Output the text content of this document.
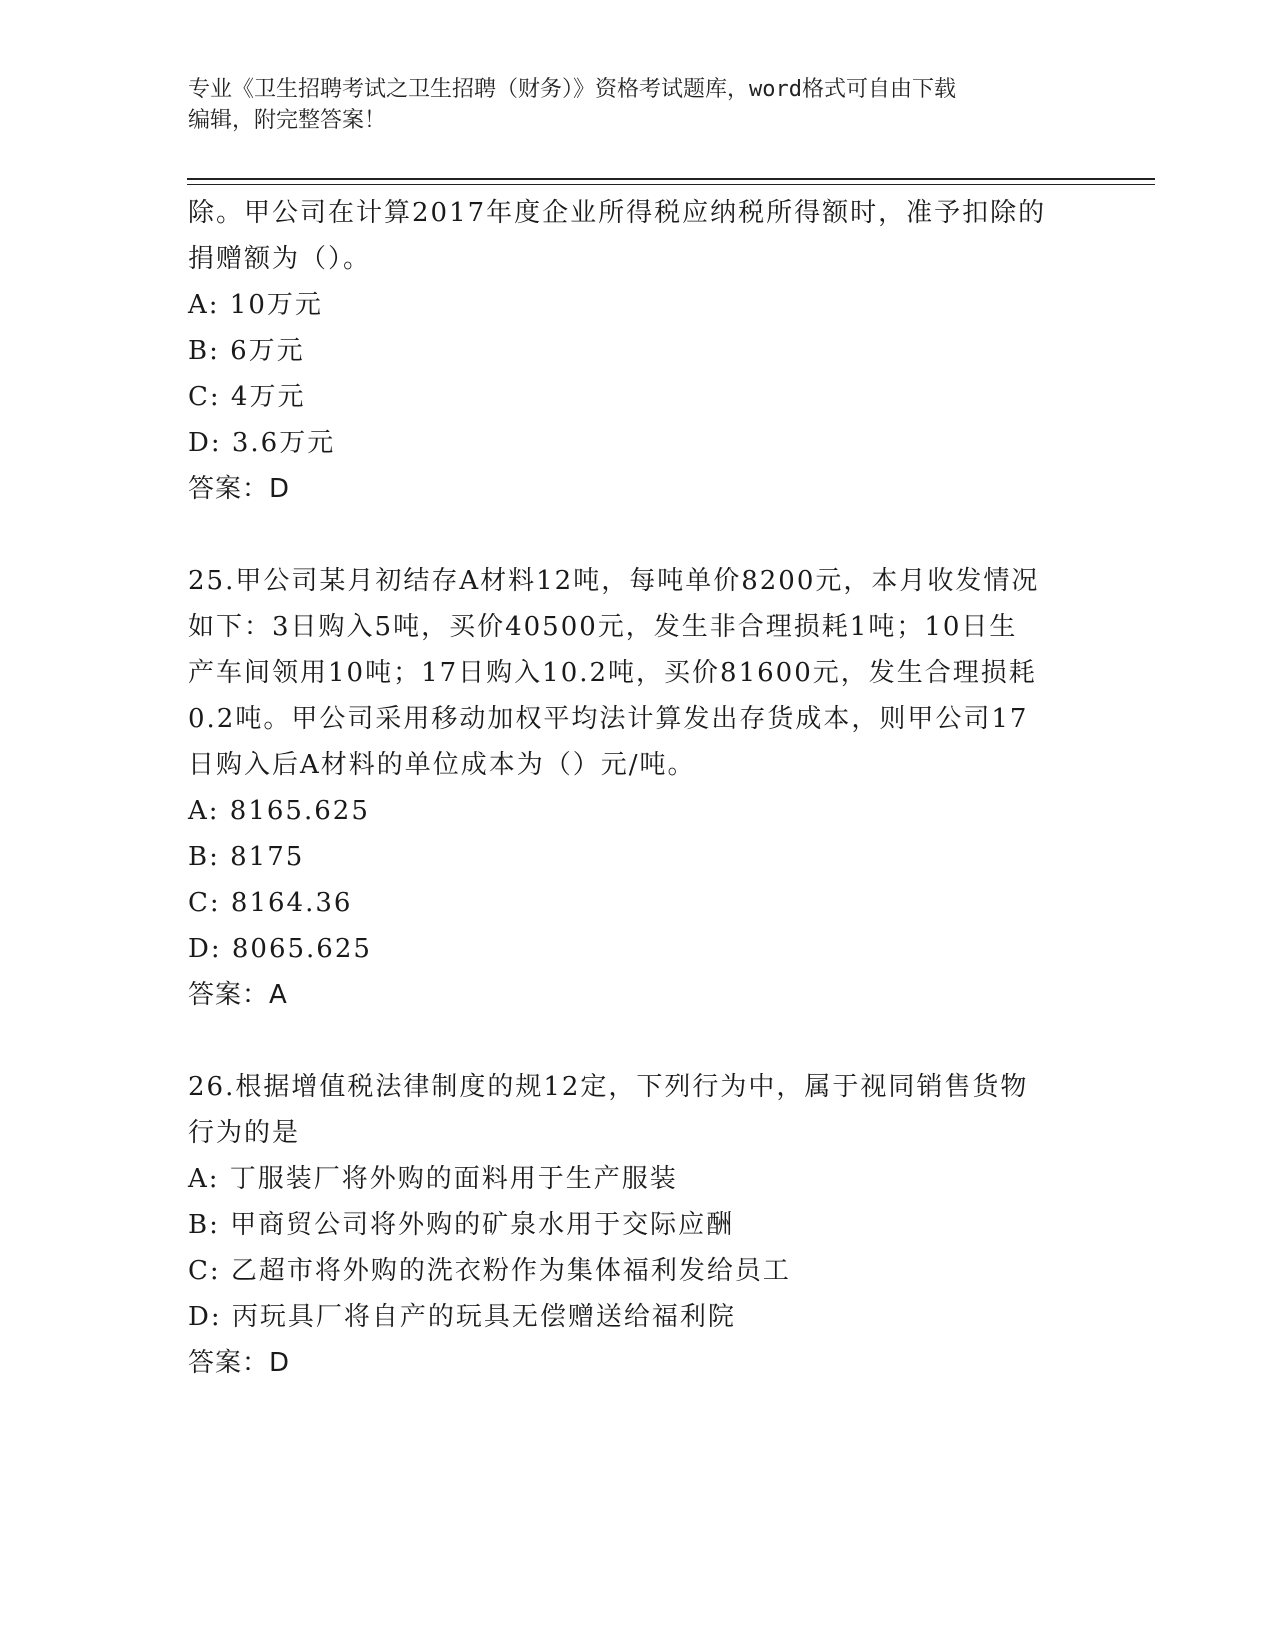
专业《卫生招聘考试之卫生招聘（财务）》资格考试题库，word格式可自由下载
编辑，附完整答案！
除。甲公司在计算2017年度企业所得税应纳税所得额时，准予扣除的
捐赠额为（）。
A: 10万元
B: 6万元
C: 4万元
D: 3.6万元
答案：D
25.甲公司某月初结存A材料12吨，每吨单价8200元，本月收发情况
如下：3日购入5吨，买价40500元，发生非合理损耗1吨；10日生
产车间领用10吨；17日购入10.2吨，买价81600元，发生合理损耗
0.2吨。甲公司采用移动加权平均法计算发出存货成本，则甲公司17
日购入后A材料的单位成本为（）元/吨。
A: 8165.625
B: 8175
C: 8164.36
D: 8065.625
答案：A
26.根据增值税法律制度的规12定，下列行为中，属于视同销售货物
行为的是
A: 丁服装厂将外购的面料用于生产服装
B: 甲商贸公司将外购的矿泉水用于交际应酬
C: 乙超市将外购的洗衣粉作为集体福利发给员工
D: 丙玩具厂将自产的玩具无偿赠送给福利院
答案：D
